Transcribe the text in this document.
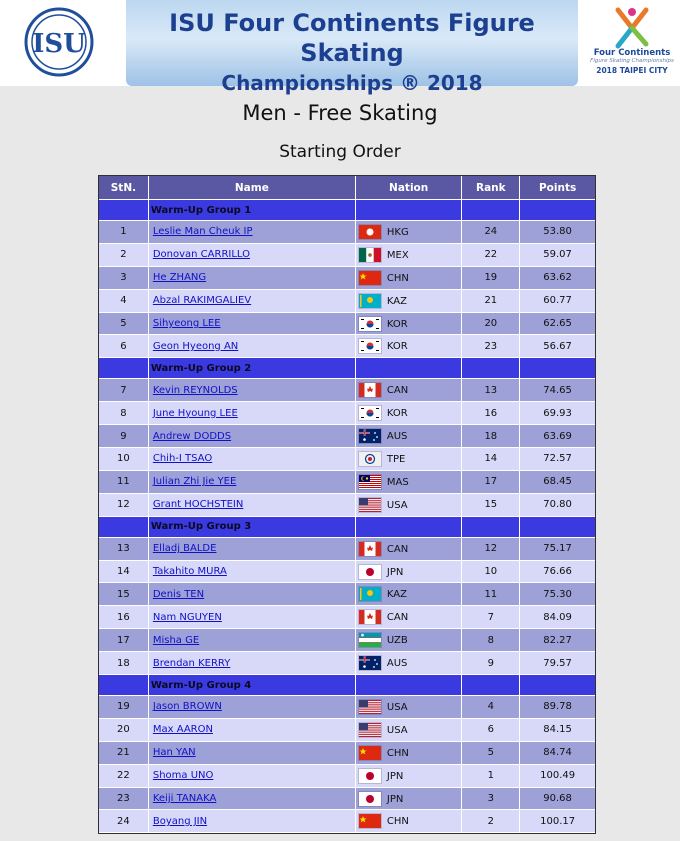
ISU
ISU Four Continents Figure Skating
Championships ® 2018
Four Continents
Figure Skating Championships
2018 TAIPEI CITY
Men - Free Skating
Starting Order
StN.	Name	Nation	Rank	Points
	Warm-Up Group 1			
1	Leslie Man Cheuk IP	HKG	24	53.80
2	Donovan CARRILLO	MEX	22	59.07
3	He ZHANG	CHN	19	63.62
4	Abzal RAKIMGALIEV	KAZ	21	60.77
5	Sihyeong LEE	KOR	20	62.65
6	Geon Hyeong AN	KOR	23	56.67
	Warm-Up Group 2			
7	Kevin REYNOLDS	CAN	13	74.65
8	June Hyoung LEE	KOR	16	69.93
9	Andrew DODDS	AUS	18	63.69
10	Chih-I TSAO	TPE	14	72.57
11	Julian Zhi Jie YEE	MAS	17	68.45
12	Grant HOCHSTEIN	USA	15	70.80
	Warm-Up Group 3			
13	Elladj BALDE	CAN	12	75.17
14	Takahito MURA	JPN	10	76.66
15	Denis TEN	KAZ	11	75.30
16	Nam NGUYEN	CAN	7	84.09
17	Misha GE	UZB	8	82.27
18	Brendan KERRY	AUS	9	79.57
	Warm-Up Group 4			
19	Jason BROWN	USA	4	89.78
20	Max AARON	USA	6	84.15
21	Han YAN	CHN	5	84.74
22	Shoma UNO	JPN	1	100.49
23	Keiji TANAKA	JPN	3	90.68
24	Boyang JIN	CHN	2	100.17
